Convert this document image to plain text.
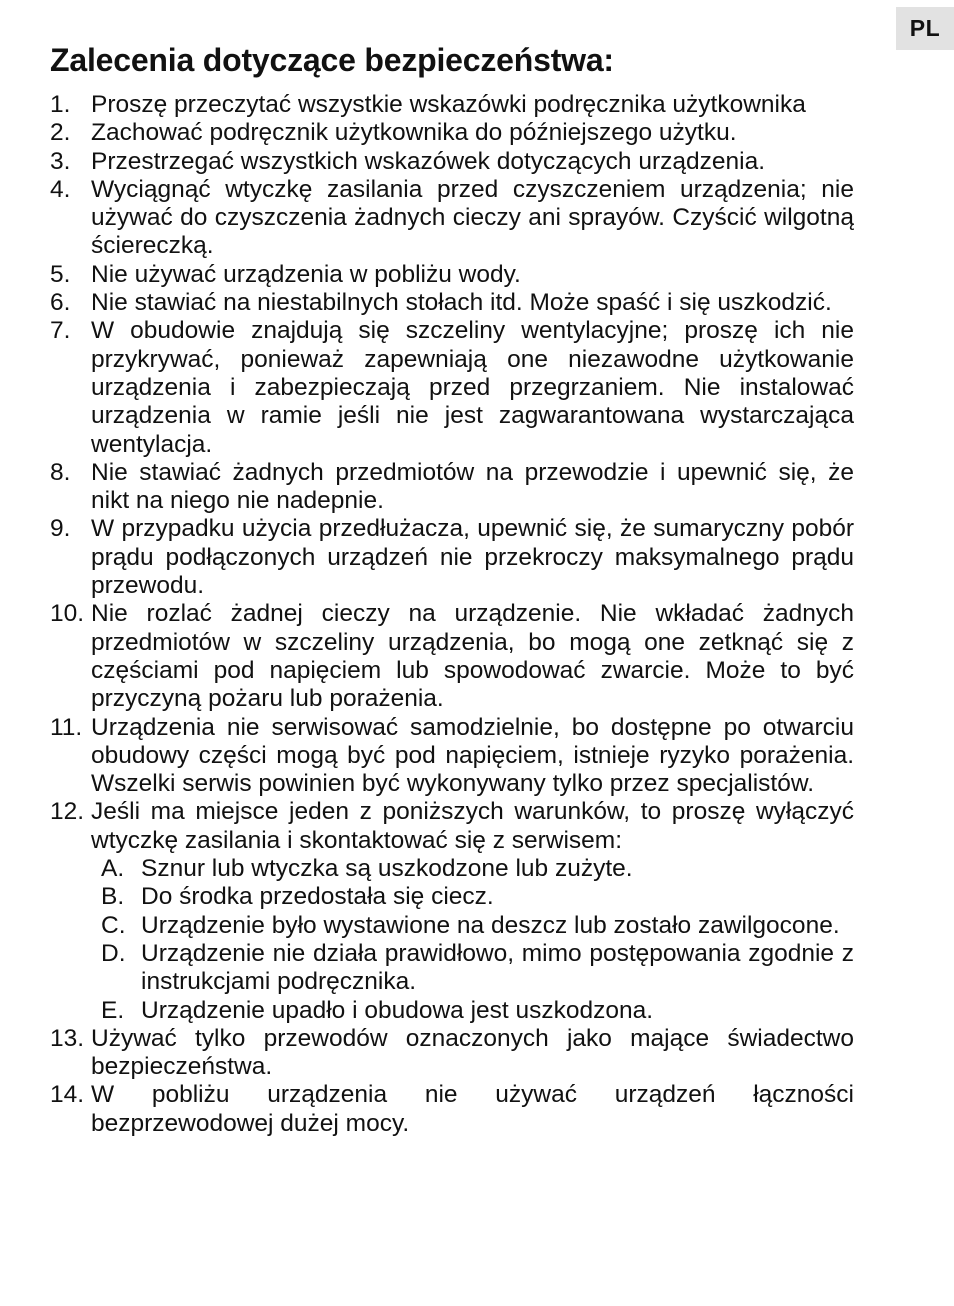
PL
Zalecenia dotyczące bezpieczeństwa:
1. Proszę przeczytać wszystkie wskazówki podręcznika użytkownika
2. Zachować podręcznik użytkownika do późniejszego użytku.
3. Przestrzegać wszystkich wskazówek dotyczących urządzenia.
4. Wyciągnąć wtyczkę zasilania przed czyszczeniem urządzenia; nie używać do czyszczenia żadnych cieczy ani sprayów. Czyścić wilgotną ściereczką.
5. Nie używać urządzenia w pobliżu wody.
6. Nie stawiać na niestabilnych stołach itd. Może spaść i się uszkodzić.
7. W obudowie znajdują się szczeliny wentylacyjne; proszę ich nie przykrywać, ponieważ zapewniają one niezawodne użytkowanie urządzenia i zabezpieczają przed przegrzaniem. Nie instalować urządzenia w ramie jeśli nie jest zagwarantowana wystarczająca wentylacja.
8. Nie stawiać żadnych przedmiotów na przewodzie i upewnić się, że nikt na niego nie nadepnie.
9. W przypadku użycia przedłużacza, upewnić się, że sumaryczny pobór prądu podłączonych urządzeń nie przekroczy maksymalnego prądu przewodu.
10. Nie rozlać żadnej cieczy na urządzenie. Nie wkładać żadnych przedmiotów w szczeliny urządzenia, bo mogą one zetknąć się z częściami pod napięciem lub spowodować zwarcie. Może to być przyczyną pożaru lub porażenia.
11. Urządzenia nie serwisować samodzielnie, bo dostępne po otwarciu obudowy części mogą być pod napięciem, istnieje ryzyko porażenia. Wszelki serwis powinien być wykonywany tylko przez specjalistów.
12. Jeśli ma miejsce jeden z poniższych warunków, to proszę wyłączyć wtyczkę zasilania i skontaktować się z serwisem:
A. Sznur lub wtyczka są uszkodzone lub zużyte.
B. Do środka przedostała się ciecz.
C. Urządzenie było wystawione na deszcz lub zostało zawilgocone.
D. Urządzenie nie działa prawidłowo, mimo postępowania zgodnie z instrukcjami podręcznika.
E. Urządzenie upadło i obudowa jest uszkodzona.
13. Używać tylko przewodów oznaczonych jako mające świadectwo bezpieczeństwa.
14. W pobliżu urządzenia nie używać urządzeń łączności bezprzewodowej dużej mocy.
